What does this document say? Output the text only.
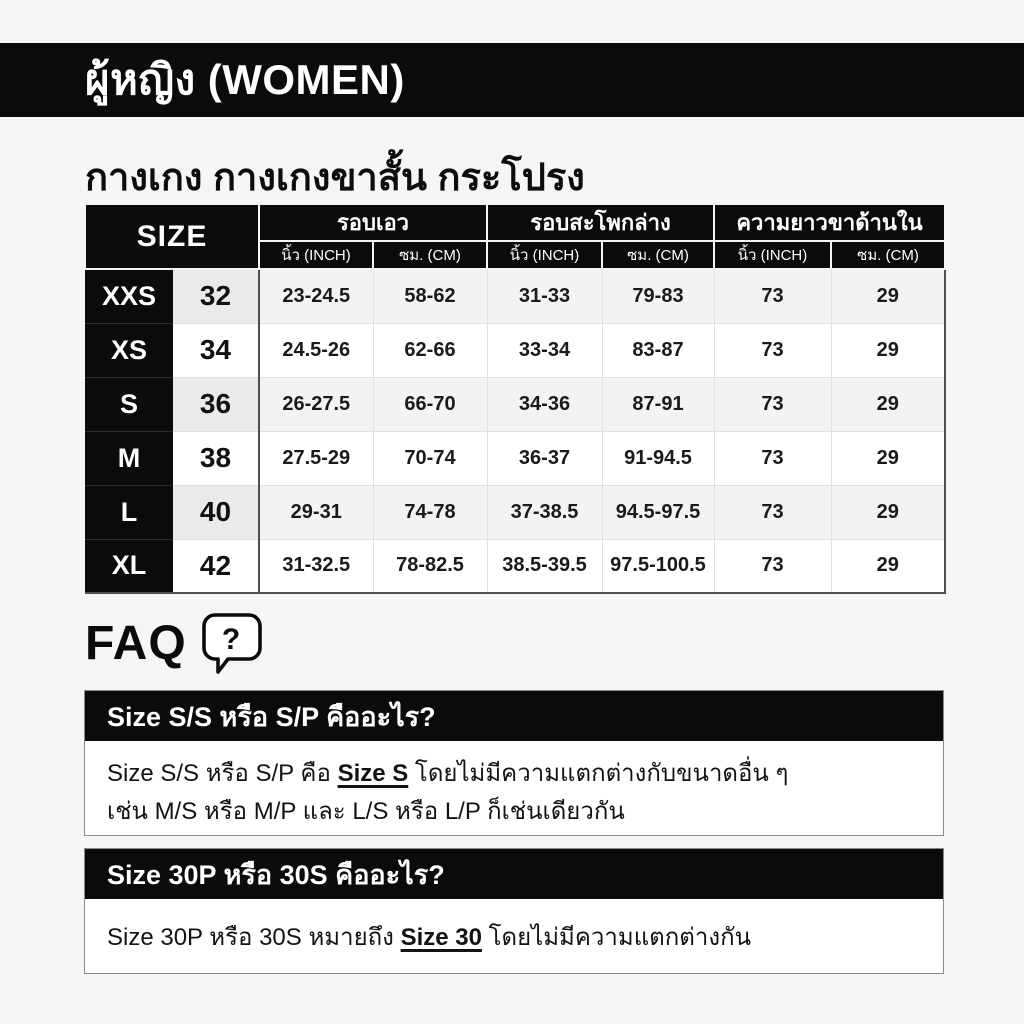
ผู้หญิง (WOMEN)
กางเกง กางเกงขาสั้น กระโปรง
SIZE		รอบเอว		รอบสะโพกล่าง		ความยาวขาด้านใน	
		นิ้ว (INCH)	ซม. (CM)	นิ้ว (INCH)	ซม. (CM)	นิ้ว (INCH)	ซม. (CM)
XXS	32	23-24.5	58-62	31-33	79-83	73	29
XS	34	24.5-26	62-66	33-34	83-87	73	29
S	36	26-27.5	66-70	34-36	87-91	73	29
M	38	27.5-29	70-74	36-37	91-94.5	73	29
L	40	29-31	74-78	37-38.5	94.5-97.5	73	29
XL	42	31-32.5	78-82.5	38.5-39.5	97.5-100.5	73	29
FAQ ?
Size S/S หรือ S/P คืออะไร?
Size S/S หรือ S/P คือ Size S โดยไม่มีความแตกต่างกับขนาดอื่น ๆ
เช่น M/S หรือ M/P และ L/S หรือ L/P ก็เช่นเดียวกัน
Size 30P หรือ 30S คืออะไร?
Size 30P หรือ 30S หมายถึง Size 30 โดยไม่มีความแตกต่างกัน
